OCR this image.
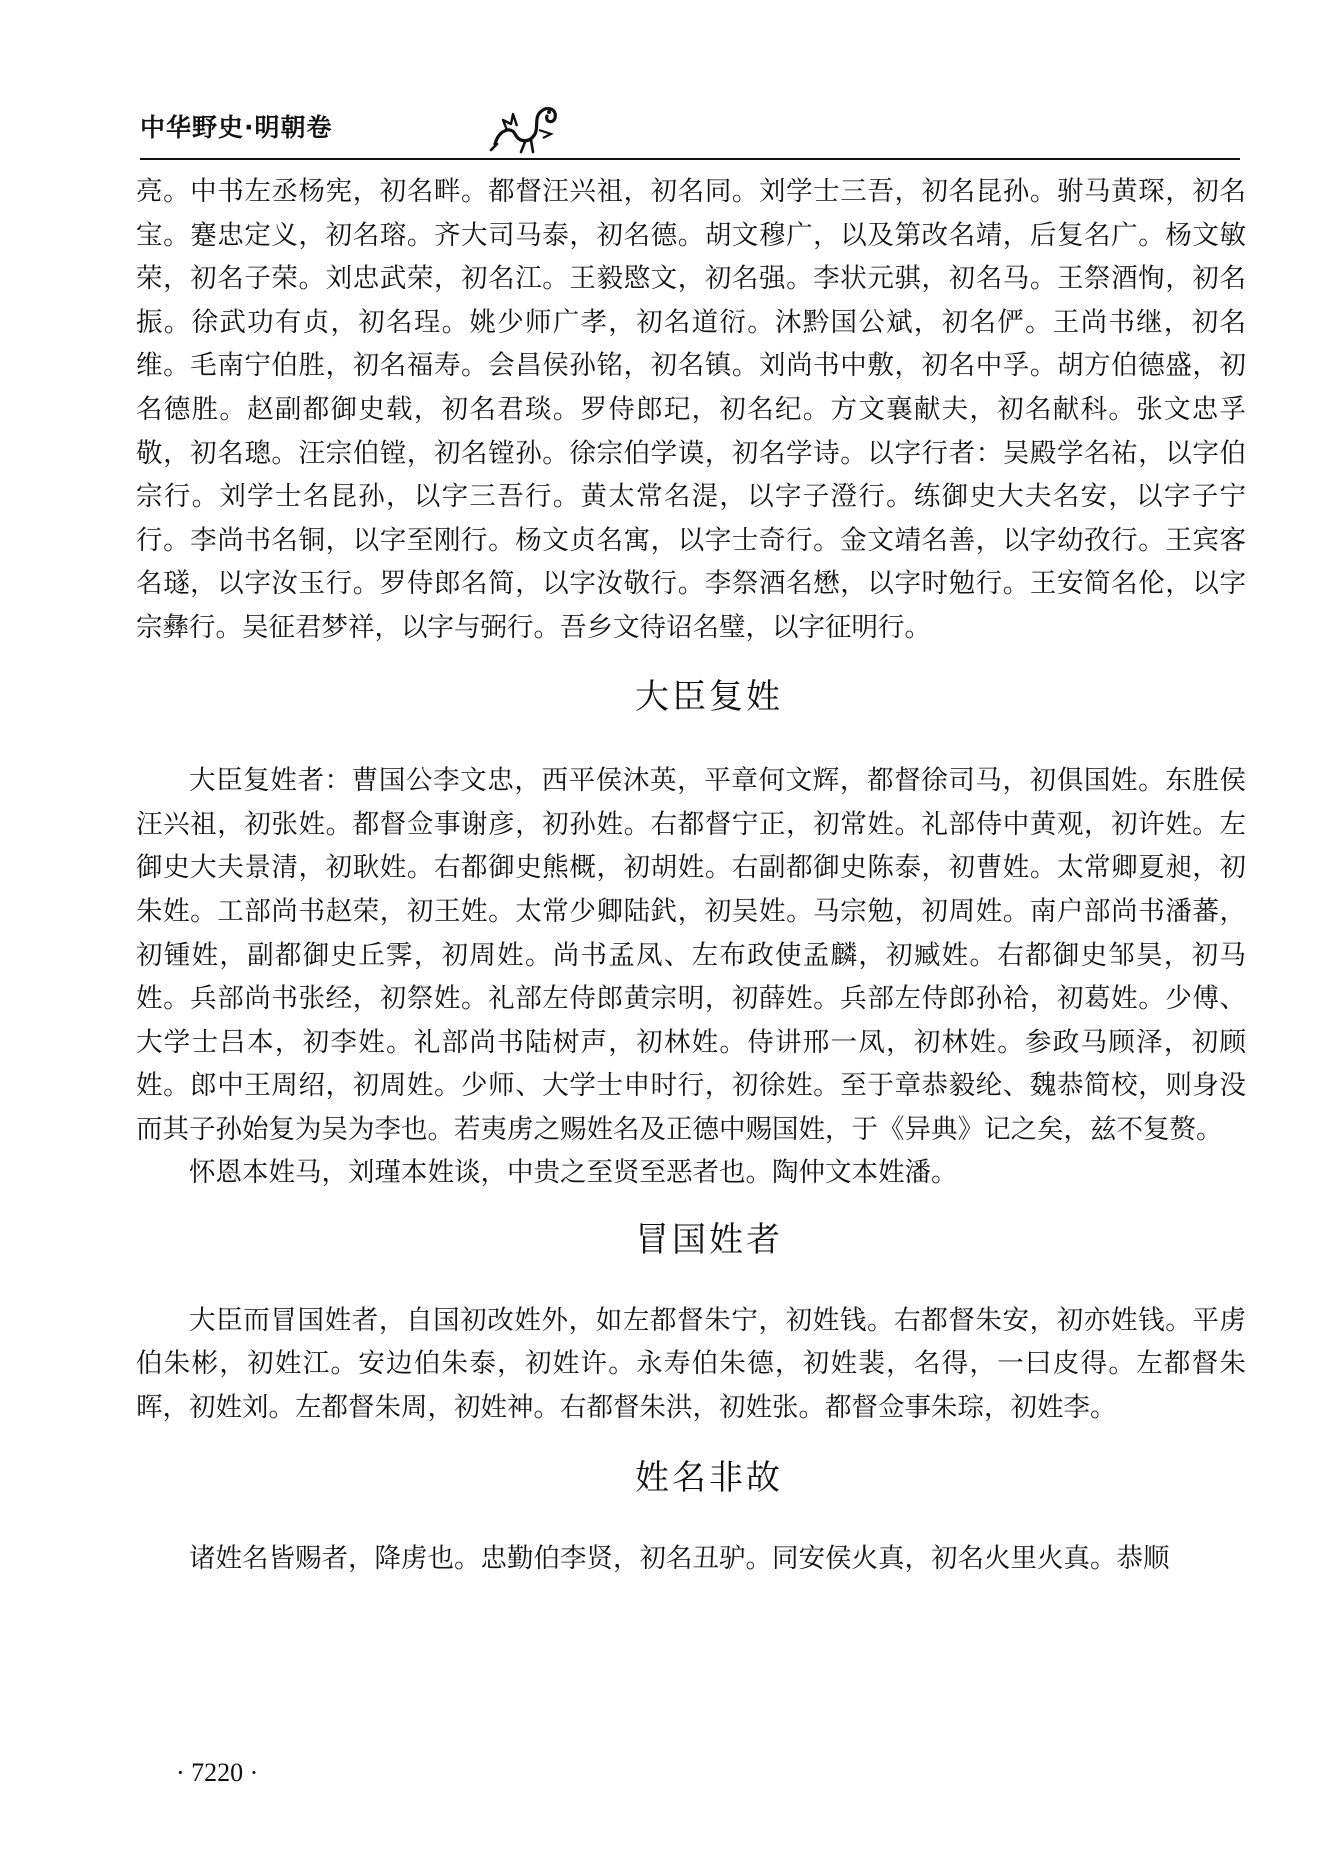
中华野史·明朝卷

亮。中书左丞杨宪，初名畔。都督汪兴祖，初名同。刘学士三吾，初名昆孙。驸马黄琛，初名宝。蹇忠定义，初名瑢。齐大司马泰，初名德。胡文穆广，以及第改名靖，后复名广。杨文敏荣，初名子荣。刘忠武荣，初名江。王毅愍文，初名强。李状元骐，初名马。王祭酒恂，初名振。徐武功有贞，初名珵。姚少师广孝，初名道衍。沐黔国公斌，初名俨。王尚书继，初名维。毛南宁伯胜，初名福寿。会昌侯孙铭，初名镇。刘尚书中敷，初名中孚。胡方伯德盛，初名德胜。赵副都御史载，初名君琰。罗侍郎玘，初名纪。方文襄献夫，初名献科。张文忠孚敬，初名璁。汪宗伯镗，初名镗孙。徐宗伯学谟，初名学诗。以字行者：吴殿学名祐，以字伯宗行。刘学士名昆孙，以字三吾行。黄太常名湜，以字子澄行。练御史大夫名安，以字子宁行。李尚书名铜，以字至刚行。杨文贞名寓，以字士奇行。金文靖名善，以字幼孜行。王宾客名璲，以字汝玉行。罗侍郎名简，以字汝敬行。李祭酒名懋，以字时勉行。王安简名伦，以字宗彝行。吴征君梦祥，以字与弼行。吾乡文待诏名璧，以字征明行。

大臣复姓

大臣复姓者：曹国公李文忠，西平侯沐英，平章何文辉，都督徐司马，初俱国姓。东胜侯汪兴祖，初张姓。都督佥事谢彦，初孙姓。右都督宁正，初常姓。礼部侍中黄观，初许姓。左御史大夫景清，初耿姓。右都御史熊概，初胡姓。右副都御史陈泰，初曹姓。太常卿夏昶，初朱姓。工部尚书赵荣，初王姓。太常少卿陆釴，初吴姓。马宗勉，初周姓。南户部尚书潘蕃，初锺姓，副都御史丘霁，初周姓。尚书孟凤、左布政使孟麟，初臧姓。右都御史邹昊，初马姓。兵部尚书张经，初祭姓。礼部左侍郎黄宗明，初薛姓。兵部左侍郎孙祫，初葛姓。少傅、大学士吕本，初李姓。礼部尚书陆树声，初林姓。侍讲邢一凤，初林姓。参政马顾泽，初顾姓。郎中王周绍，初周姓。少师、大学士申时行，初徐姓。至于章恭毅纶、魏恭简校，则身没而其子孙始复为吴为李也。若夷虏之赐姓名及正德中赐国姓，于《异典》记之矣，兹不复赘。

怀恩本姓马，刘瑾本姓谈，中贵之至贤至恶者也。陶仲文本姓潘。

冒国姓者

大臣而冒国姓者，自国初改姓外，如左都督朱宁，初姓钱。右都督朱安，初亦姓钱。平虏伯朱彬，初姓江。安边伯朱泰，初姓许。永寿伯朱德，初姓裴，名得，一曰皮得。左都督朱晖，初姓刘。左都督朱周，初姓神。右都督朱洪，初姓张。都督佥事朱琮，初姓李。

姓名非故

诸姓名皆赐者，降虏也。忠勤伯李贤，初名丑驴。同安侯火真，初名火里火真。恭顺

· 7220 ·
